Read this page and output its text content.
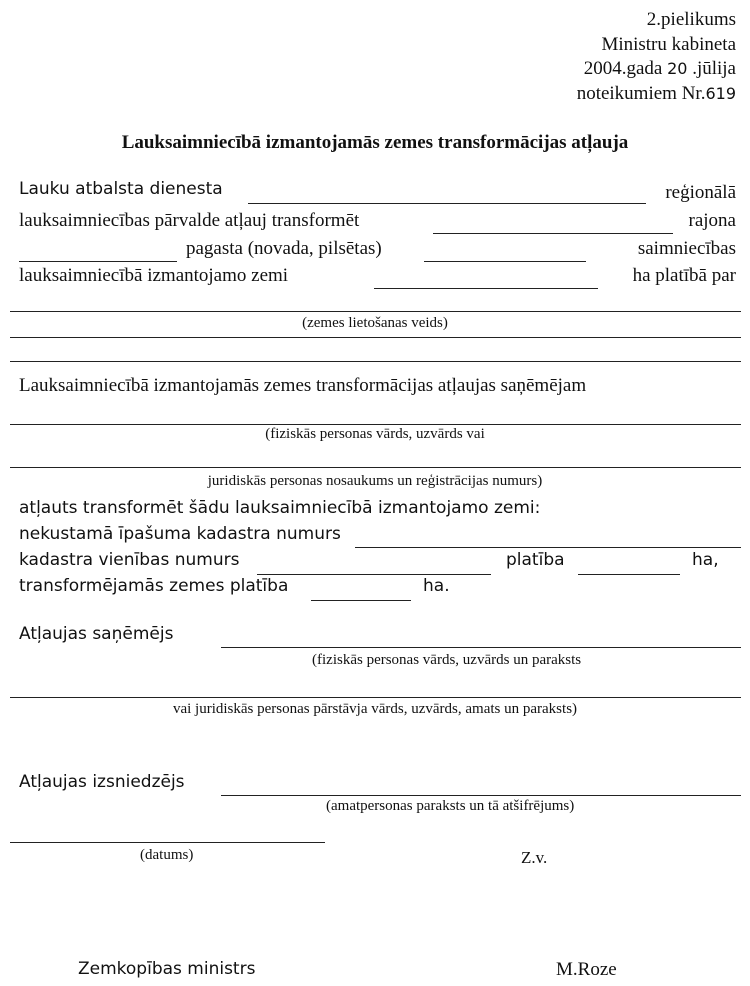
2.pielikums
Ministru kabineta
2004.gada 20 .jūlija
noteikumiem Nr.619
Lauksaimniecībā izmantojamās zemes transformācijas atļauja
Lauku atbalsta dienesta	reģionālā
lauksaimniecības pārvalde atļauj transformēt	rajona
pagasta (novada, pilsētas)	saimniecības
lauksaimniecībā izmantojamo zemi	ha platībā par
(zemes lietošanas veids)
Lauksaimniecībā izmantojamās zemes transformācijas atļaujas saņēmējam
(fiziskās personas vārds, uzvārds vai
juridiskās personas nosaukums un reģistrācijas numurs)
atļauts transformēt šādu lauksaimniecībā izmantojamo zemi:
nekustamā īpašuma kadastra numurs
kadastra vienības numurs	platība	ha,
transformējamās zemes platība	ha.
Atļaujas saņēmējs
(fiziskās personas vārds, uzvārds un paraksts
vai juridiskās personas pārstāvja vārds, uzvārds, amats un paraksts)
Atļaujas izsniedzējs
(amatpersonas paraksts un tā atšifrējums)
(datums)	Z.v.
Zemkopības ministrs	M.Roze
